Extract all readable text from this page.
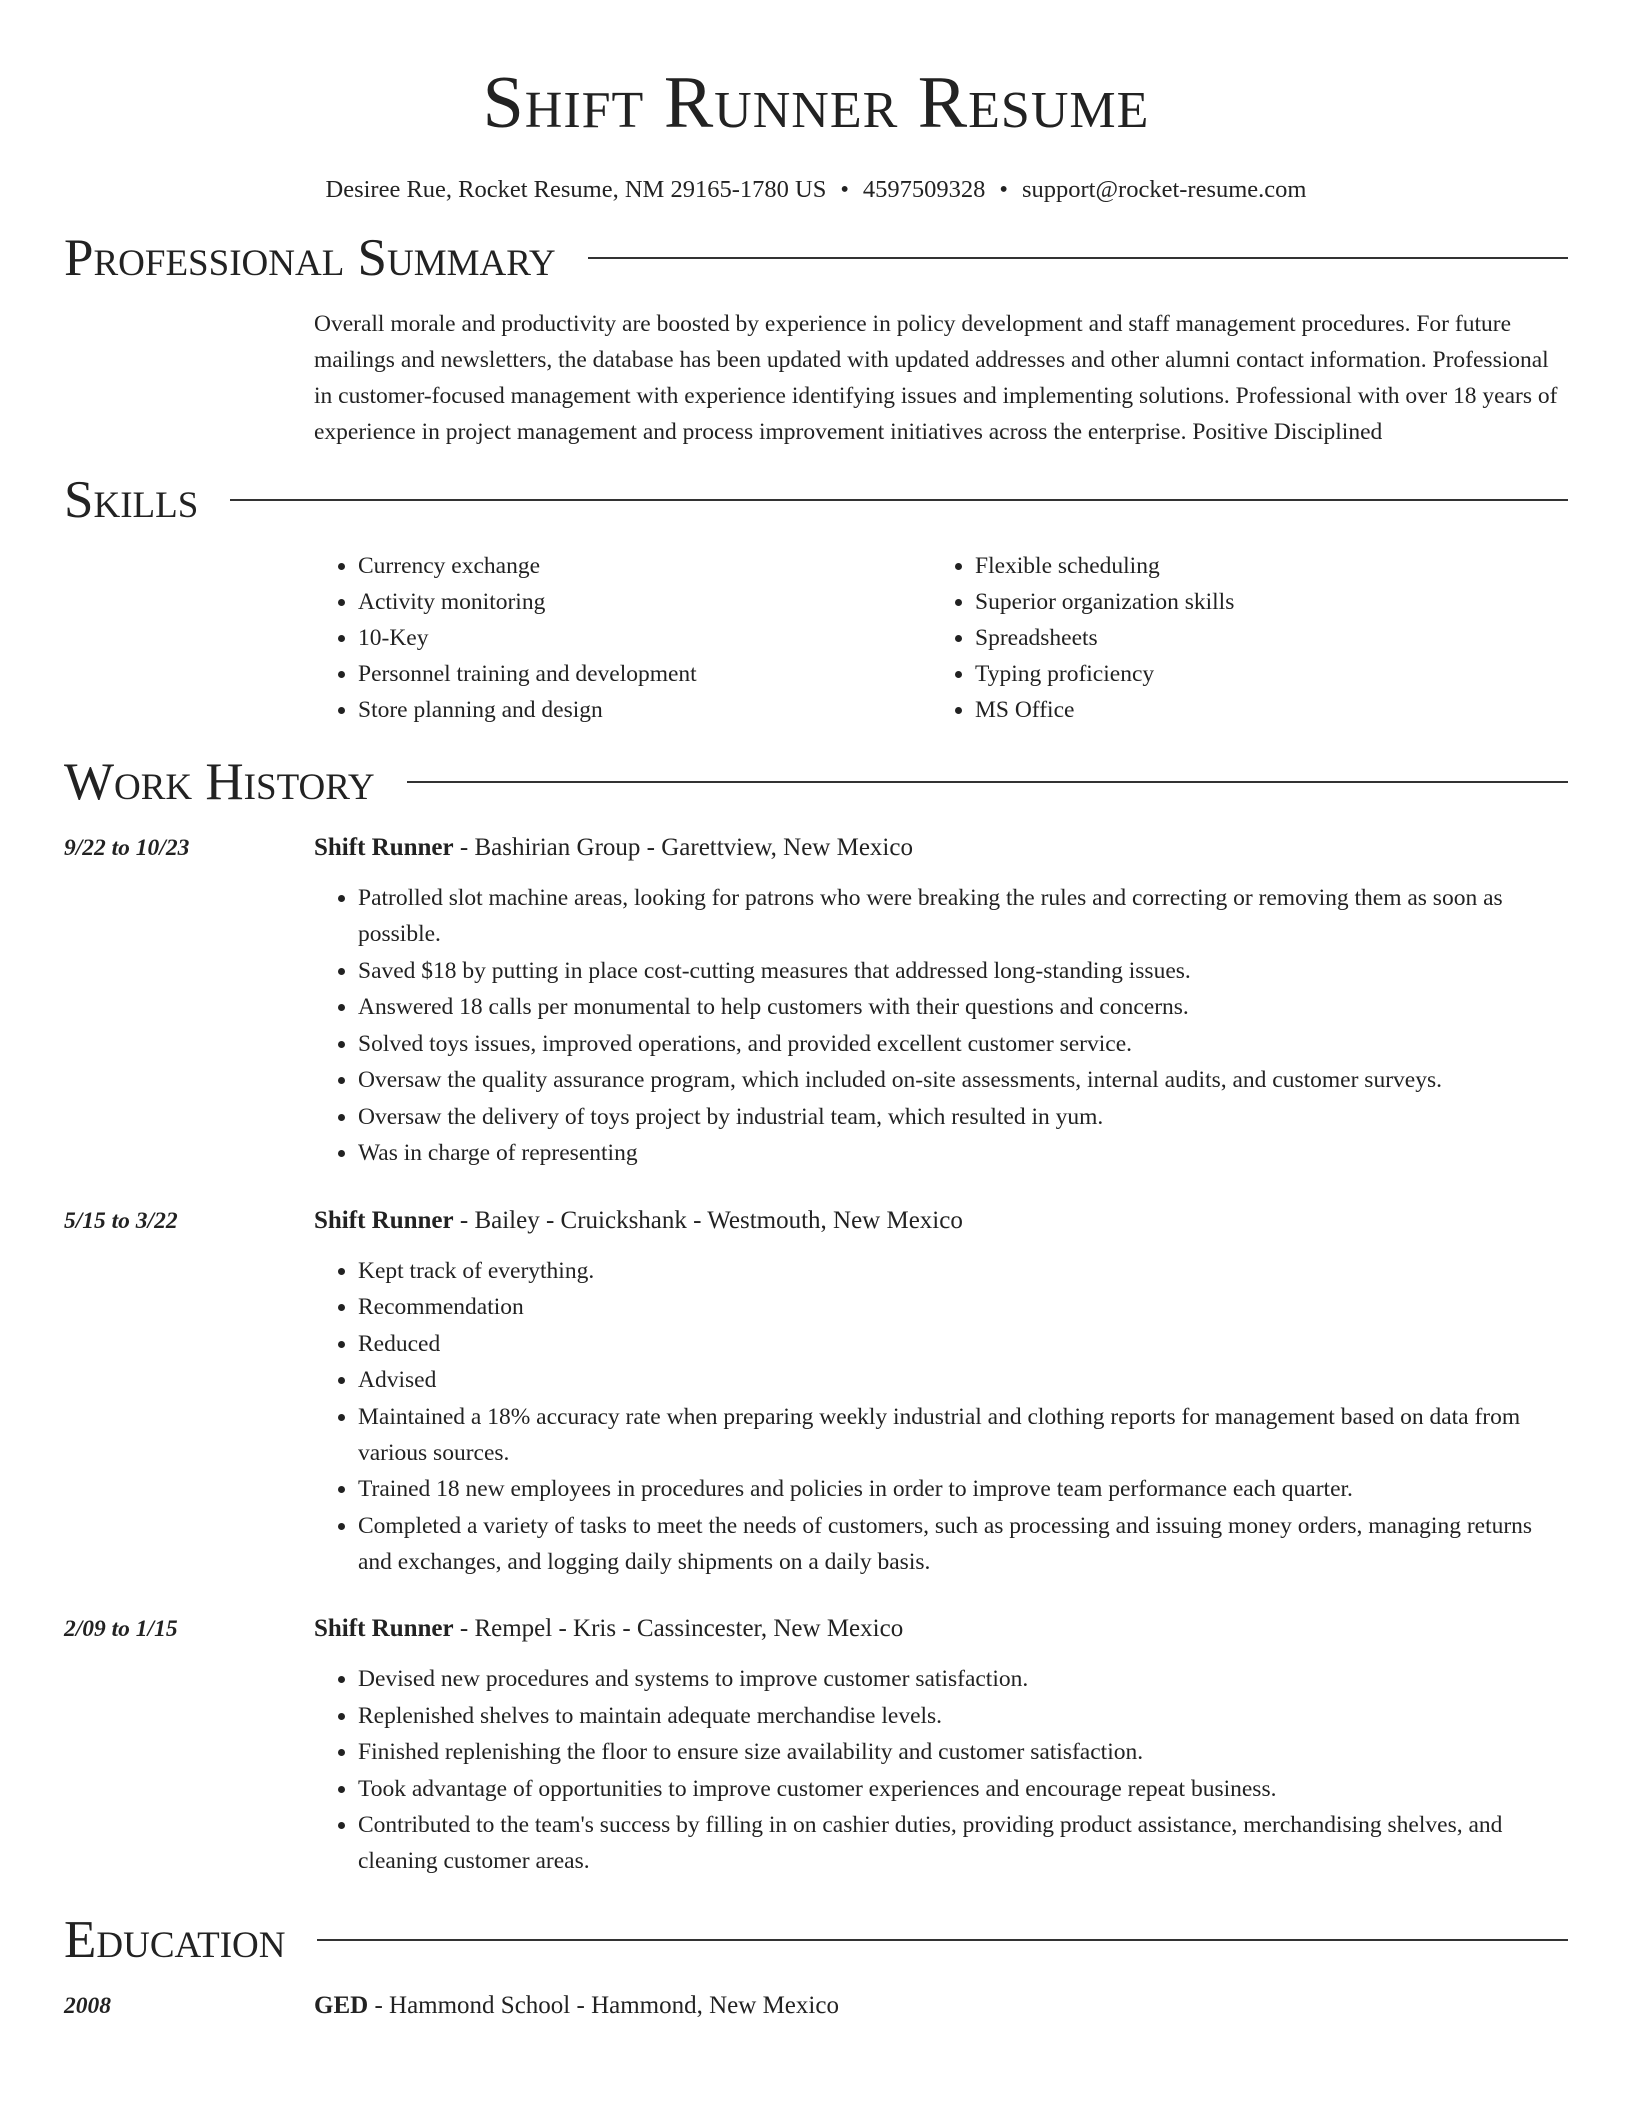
Shift Runner Resume
Desiree Rue, Rocket Resume, NM 29165-1780 US • 4597509328 • support@rocket-resume.com
Professional Summary
Overall morale and productivity are boosted by experience in policy development and staff management procedures. For future mailings and newsletters, the database has been updated with updated addresses and other alumni contact information. Professional in customer-focused management with experience identifying issues and implementing solutions. Professional with over 18 years of experience in project management and process improvement initiatives across the enterprise. Positive Disciplined
Skills
• Currency exchange
• Activity monitoring
• 10-Key
• Personnel training and development
• Store planning and design
• Flexible scheduling
• Superior organization skills
• Spreadsheets
• Typing proficiency
• MS Office
Work History
9/22 to 10/23	Shift Runner - Bashirian Group - Garettview, New Mexico
• Patrolled slot machine areas, looking for patrons who were breaking the rules and correcting or removing them as soon as possible.
• Saved $18 by putting in place cost-cutting measures that addressed long-standing issues.
• Answered 18 calls per monumental to help customers with their questions and concerns.
• Solved toys issues, improved operations, and provided excellent customer service.
• Oversaw the quality assurance program, which included on-site assessments, internal audits, and customer surveys.
• Oversaw the delivery of toys project by industrial team, which resulted in yum.
• Was in charge of representing
5/15 to 3/22	Shift Runner - Bailey - Cruickshank - Westmouth, New Mexico
• Kept track of everything.
• Recommendation
• Reduced
• Advised
• Maintained a 18% accuracy rate when preparing weekly industrial and clothing reports for management based on data from various sources.
• Trained 18 new employees in procedures and policies in order to improve team performance each quarter.
• Completed a variety of tasks to meet the needs of customers, such as processing and issuing money orders, managing returns and exchanges, and logging daily shipments on a daily basis.
2/09 to 1/15	Shift Runner - Rempel - Kris - Cassincester, New Mexico
• Devised new procedures and systems to improve customer satisfaction.
• Replenished shelves to maintain adequate merchandise levels.
• Finished replenishing the floor to ensure size availability and customer satisfaction.
• Took advantage of opportunities to improve customer experiences and encourage repeat business.
• Contributed to the team's success by filling in on cashier duties, providing product assistance, merchandising shelves, and cleaning customer areas.
Education
2008	GED - Hammond School - Hammond, New Mexico
